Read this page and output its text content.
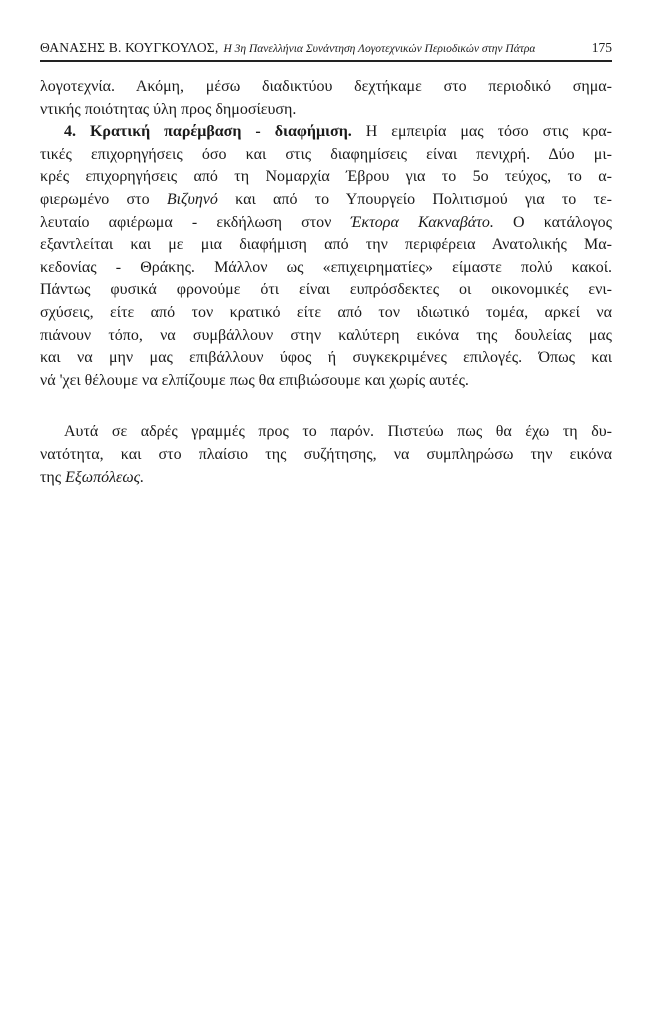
ΘΑΝΑΣΗΣ Β. ΚΟΥΓΚΟΥΛΟΣ, Η 3η Πανελλήνια Συνάντηση Λογοτεχνικών Περιοδικών στην Πάτρα	175
λογοτεχνία. Ακόμη, μέσω διαδικτύου δεχτήκαμε στο περιοδικό σημα-
ντικής ποιότητας ύλη προς δημοσίευση.
4. Κρατική παρέμβαση - διαφήμιση. Η εμπειρία μας τόσο στις κρα-
τικές επιχορηγήσεις όσο και στις διαφημίσεις είναι πενιχρή. Δύο μι-
κρές επιχορηγήσεις από τη Νομαρχία Έβρου για το 5ο τεύχος, το α-
φιερωμένο στο Βιζυηνό και από το Υπουργείο Πολιτισμού για το τε-
λευταίο αφιέρωμα - εκδήλωση στον Έκτορα Κακναβάτο. Ο κατάλογος
εξαντλείται και με μια διαφήμιση από την περιφέρεια Ανατολικής Μα-
κεδονίας - Θράκης. Μάλλον ως «επιχειρηματίες» είμαστε πολύ κακοί.
Πάντως φυσικά φρονούμε ότι είναι ευπρόσδεκτες οι οικονομικές ενι-
σχύσεις, είτε από τον κρατικό είτε από τον ιδιωτικό τομέα, αρκεί να
πιάνουν τόπο, να συμβάλλουν στην καλύτερη εικόνα της δουλείας μας
και να μην μας επιβάλλουν ύφος ή συγκεκριμένες επιλογές. Όπως και
νά 'χει θέλουμε να ελπίζουμε πως θα επιβιώσουμε και χωρίς αυτές.
Αυτά σε αδρές γραμμές προς το παρόν. Πιστεύω πως θα έχω τη δυ-
νατότητα, και στο πλαίσιο της συζήτησης, να συμπληρώσω την εικόνα
της Εξωπόλεως.
